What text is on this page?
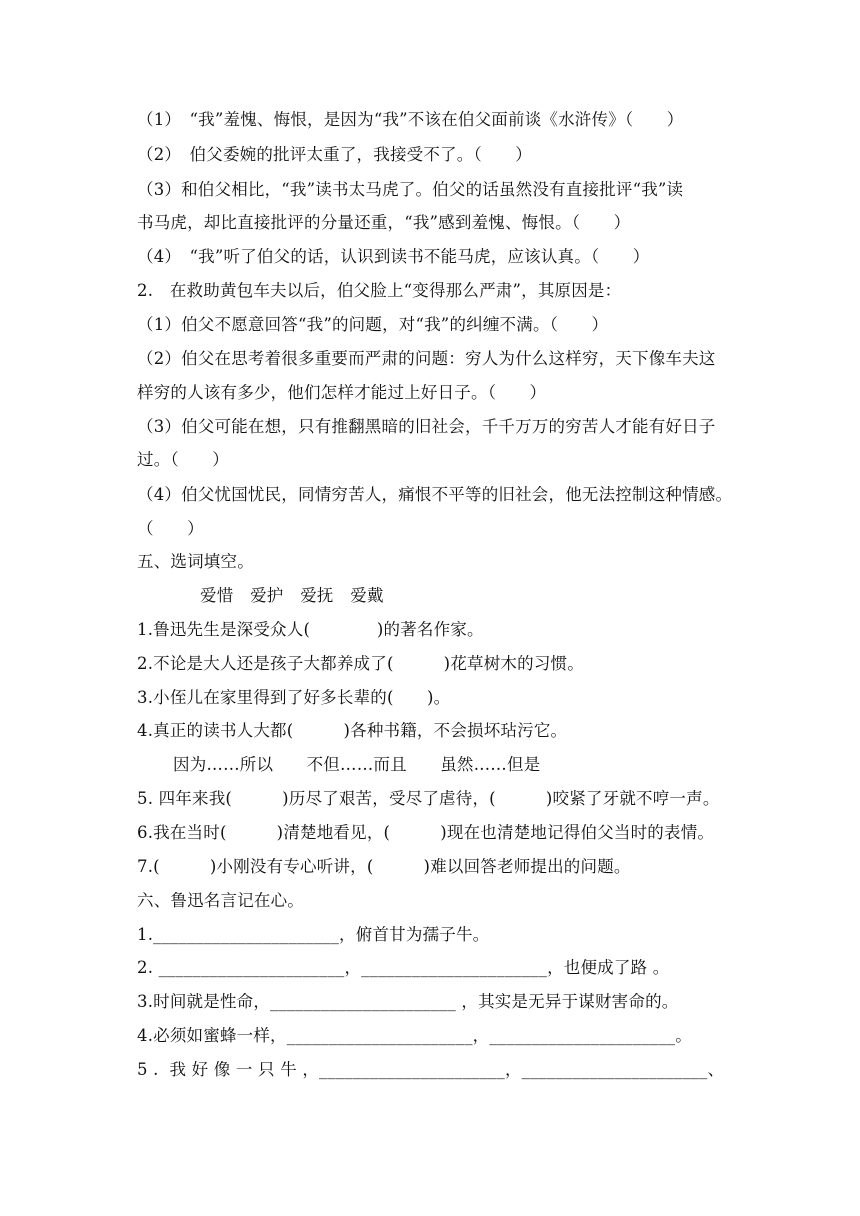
（1）　“我”羞愧、悔恨，是因为“我”不该在伯父面前谈《水浒传》（　　）
（2）　伯父委婉的批评太重了，我接受不了。（　　）
（3）和伯父相比，“我”读书太马虎了。伯父的话虽然没有直接批评“我”读
书马虎，却比直接批评的分量还重，“我”感到羞愧、悔恨。（　　）
（4）　“我”听了伯父的话，认识到读书不能马虎，应该认真。（　　）
2.　在救助黄包车夫以后，伯父脸上“变得那么严肃”，其原因是：
（1）伯父不愿意回答“我”的问题，对“我”的纠缠不满。（　　）
（2）伯父在思考着很多重要而严肃的问题：穷人为什么这样穷，天下像车夫这
样穷的人该有多少，他们怎样才能过上好日子。（　　）
（3）伯父可能在想，只有推翻黑暗的旧社会，千千万万的穷苦人才能有好日子
过。（　　）
（4）伯父忧国忧民，同情穷苦人，痛恨不平等的旧社会，他无法控制这种情感。
（　　）
五、选词填空。
爱惜　爱护　爱抚　爱戴
1.鲁迅先生是深受众人(　　　　)的著名作家。
2.不论是大人还是孩子大都养成了(　　　)花草树木的习惯。
3.小侄儿在家里得到了好多长辈的(　　)。
4.真正的读书人大都(　　　)各种书籍，不会损坏玷污它。
因为……所以　　不但……而且　　虽然……但是
5. 四年来我(　　　)历尽了艰苦，受尽了虐待，(　　　)咬紧了牙就不哼一声。
6.我在当时(　　　)清楚地看见，(　　　)现在也清楚地记得伯父当时的表情。
7.(　　　)小刚没有专心听讲，(　　　)难以回答老师提出的问题。
六、鲁迅名言记在心。
1.______________________，俯首甘为孺子牛。
2. ______________________，______________________，也便成了路 。
3.时间就是性命，______________________ ，其实是无异于谋财害命的。
4.必须如蜜蜂一样，______________________，______________________。
5 .  我 好 像 一 只 牛 ，______________________，______________________、
